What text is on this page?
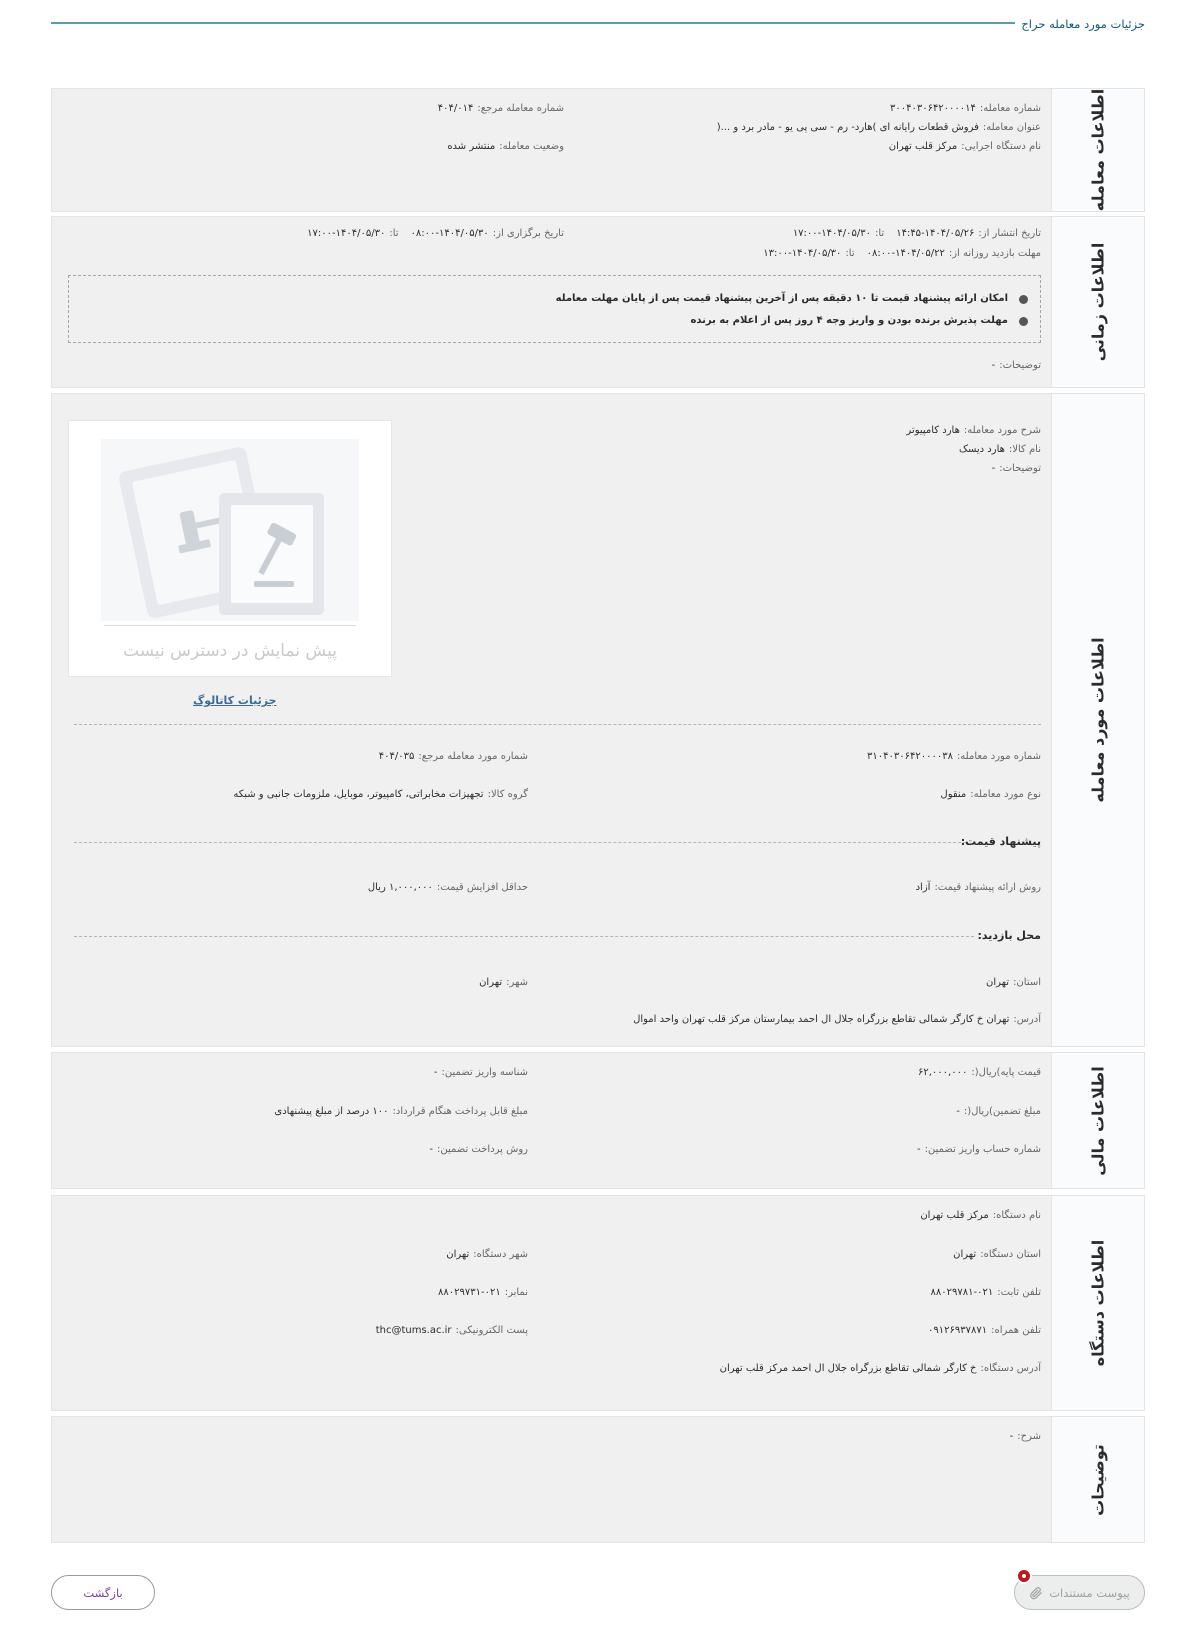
جزئیات مورد معامله حراج
اطلاعات معامله
شماره معامله:۳۰۰۴۰۳۰۶۴۲۰۰۰۰۱۴
شماره معامله مرجع:۴۰۴/۰۱۴
عنوان معامله:فروش قطعات رایانه ای )هارد- رم - سی پی یو - مادر برد و ...(
نام دستگاه اجرایی:مرکز قلب تهران
وضعیت معامله:منتشر شده
اطلاعات زمانی
تاریخ انتشار از:۱۴۰۴/۰۵/۲۶-۱۴:۴۵تا:۱۴۰۴/۰۵/۳۰-۱۷:۰۰
تاریخ برگزاری از:۱۴۰۴/۰۵/۳۰-۰۸:۰۰تا:۱۴۰۴/۰۵/۳۰-۱۷:۰۰
مهلت بازدید روزانه از:۱۴۰۴/۰۵/۲۲-۰۸:۰۰تا:۱۴۰۴/۰۵/۳۰-۱۳:۰۰
امکان ارائه پیشنهاد قیمت تا ۱۰ دقیقه پس از آخرین پیشنهاد قیمت پس از پایان مهلت معامله
مهلت پذیرش برنده بودن و واریز وجه ۴ روز پس از اعلام به برنده
توضیحات:-
اطلاعات مورد معامله
شرح مورد معامله:هارد کامپیوتر
نام کالا:هارد دیسک
توضیحات:-
پیش نمایش در دسترس نیست
جزئیات کاتالوگ
شماره مورد معامله:۳۱۰۴۰۳۰۶۴۲۰۰۰۰۳۸
شماره مورد معامله مرجع:۴۰۴/۰۳۵
نوع مورد معامله:منقول
گروه کالا:تجهیزات مخابراتی، کامپیوتر، موبایل، ملزومات جانبی و شبکه
پیشنهاد قیمت:
روش ارائه پیشنهاد قیمت:آزاد
حداقل افزایش قیمت:۱,۰۰۰,۰۰۰ ریال
محل بازدید:
استان:تهران
شهر:تهران
آدرس:تهران خ کارگر شمالی تقاطع بزرگراه جلال ال احمد بیمارستان مرکز قلب تهران واحد اموال
اطلاعات مالی
قیمت پایه)ریال(:۶۲,۰۰۰,۰۰۰
شناسه واریز تضمین:-
مبلغ تضمین)ریال(:-
مبلغ قابل پرداخت هنگام قرارداد:۱۰۰ درصد از مبلغ پیشنهادی
شماره حساب واریز تضمین:-
روش پرداخت تضمین:-
اطلاعات دستگاه
نام دستگاه:مرکز قلب تهران
استان دستگاه:تهران
شهر دستگاه:تهران
تلفن ثابت:۰۲۱-۸۸۰۲۹۷۸۱
نمابر:۰۲۱-۸۸۰۲۹۷۳۱
تلفن همراه:۰۹۱۲۶۹۳۷۸۷۱
پست الکترونیکی:thc@tums.ac.ir
آدرس دستگاه:خ کارگر شمالی تقاطع بزرگراه جلال ال احمد مرکز قلب تهران
توضیحات
شرح:-
پیوست مستندات
بازگشت
